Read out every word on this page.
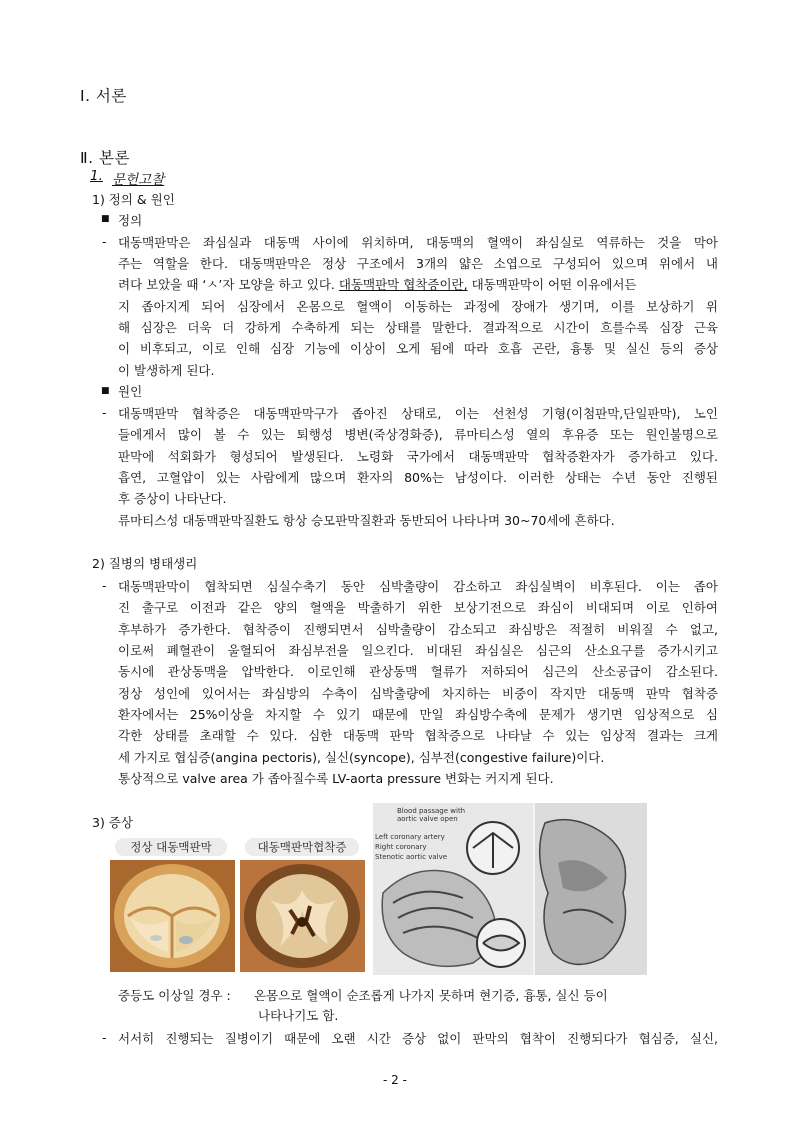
Ⅰ. 서론
Ⅱ. 본론
1. 문헌고찰
1) 정의 & 원인
■ 정의
- 대동맥판막은 좌심실과 대동맥 사이에 위치하며, 대동맥의 혈액이 좌심실로 역류하는 것을 막아
주는 역할을 한다. 대동맥판막은 정상 구조에서 3개의 얇은 소엽으로 구성되어 있으며 위에서 내
려다 보았을 때 ‘ㅅ’자 모양을 하고 있다. 대동맥판막 협착증이란, 대동맥판막이 어떤 이유에서든
지 좁아지게 되어 심장에서 온몸으로 혈액이 이동하는 과정에 장애가 생기며, 이를 보상하기 위
해 심장은 더욱 더 강하게 수축하게 되는 상태를 말한다. 결과적으로 시간이 흐를수록 심장 근육
이 비후되고, 이로 인해 심장 기능에 이상이 오게 됨에 따라 호흡 곤란, 흉통 및 실신 등의 증상
이 발생하게 된다.
■ 원인
- 대동맥판막 협착증은 대동맥판막구가 좁아진 상태로, 이는 선천성 기형(이첨판막,단일판막), 노인
들에게서 많이 볼 수 있는 퇴행성 병변(죽상경화증), 류마티스성 열의 후유증 또는 원인불명으로
판막에 석회화가 형성되어 발생된다. 노령화 국가에서 대동맥판막 협착증환자가 증가하고 있다.
흡연, 고혈압이 있는 사람에게 많으며 환자의 80%는 남성이다. 이러한 상태는 수년 동안 진행된
후 증상이 나타난다.
류마티스성 대동맥판막질환도 항상 승모판막질환과 동반되어 나타나며 30~70세에 흔하다.
2) 질병의 병태생리
- 대동맥판막이 협착되면 심실수축기 동안 심박출량이 감소하고 좌심실벽이 비후된다. 이는 좁아
진 출구로 이전과 같은 양의 혈액을 박출하기 위한 보상기전으로 좌심이 비대되며 이로 인하여
후부하가 증가한다. 협착증이 진행되면서 심박출량이 감소되고 좌심방은 적절히 비워질 수 없고,
이로써 폐혈관이 울혈되어 좌심부전을 일으킨다. 비대된 좌심실은 심근의 산소요구를 증가시키고
동시에 관상동맥을 압박한다. 이로인해 관상동맥 혈류가 저하되어 심근의 산소공급이 감소된다.
정상 성인에 있어서는 좌심방의 수축이 심박출량에 차지하는 비중이 작지만 대동맥 판막 협착증
환자에서는 25%이상을 차지할 수 있기 때문에 만일 좌심방수축에 문제가 생기면 임상적으로 심
각한 상태를 초래할 수 있다. 심한 대동맥 판막 협착증으로 나타날 수 있는 임상적 결과는 크게
세 가지로 협심증(angina pectoris), 실신(syncope), 심부전(congestive failure)이다.
통상적으로 valve area 가 좁아질수록 LV-aorta pressure 변화는 커지게 된다.
3) 증상
정상 대동맥판막	대동맥판막협착증
Blood passage with
aortic valve open
Left coronary artery
Right coronary
Stenotic aortic valve
중등도 이상일 경우 : 온몸으로 혈액이 순조롭게 나가지 못하며 현기증, 흉통, 실신 등이
나타나기도 함.
- 서서히 진행되는 질병이기 때문에 오랜 시간 증상 없이 판막의 협착이 진행되다가 협심증, 실신,
- 2 -
